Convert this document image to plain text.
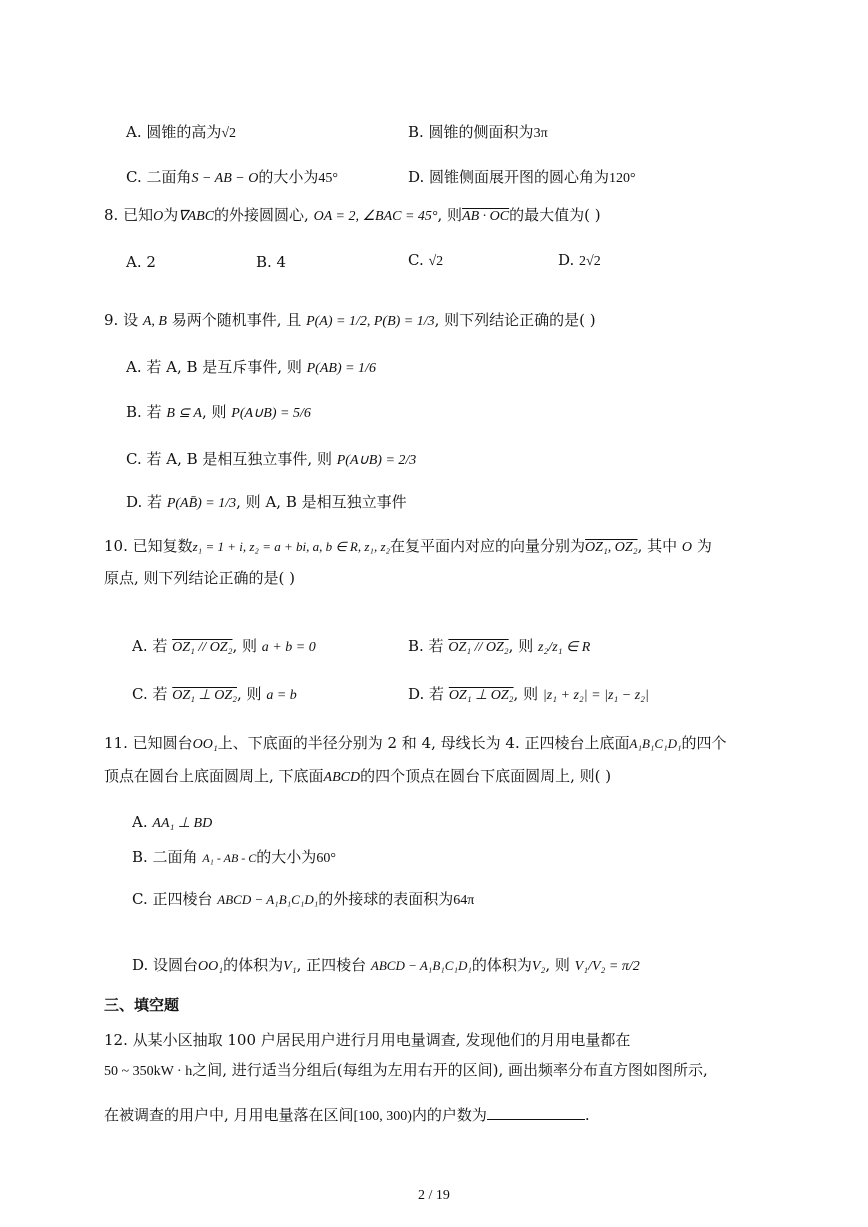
A. 圆锥的高为√2	B. 圆锥的侧面积为3π
C. 二面角S − AB − O的大小为45°	D. 圆锥侧面展开图的圆心角为120°
8. 已知O为∇ABC的外接圆圆心, OA = 2, ∠BAC = 45°, 则AB · OC的最大值为( )
A. 2	B. 4	C. √2	D. 2√2
9. 设 A, B 易两个随机事件, 且 P(A) = 1/2, P(B) = 1/3, 则下列结论正确的是( )
A. 若 A, B 是互斥事件, 则 P(AB) = 1/6
B. 若 B ⊆ A, 则 P(A∪B) = 5/6
C. 若 A, B 是相互独立事件, 则 P(A∪B) = 2/3
D. 若 P(AB̄) = 1/3, 则 A, B 是相互独立事件
10. 已知复数z₁ = 1 + i, z₂ = a + bi, a, b ∈ R, z₁, z₂在复平面内对应的向量分别为OZ₁, OZ₂, 其中 O 为
原点, 则下列结论正确的是( )
A. 若 OZ₁ // OZ₂, 则 a + b = 0	B. 若 OZ₁ // OZ₂, 则 z₂/z₁ ∈ R
C. 若 OZ₁ ⊥ OZ₂, 则 a = b	D. 若 OZ₁ ⊥ OZ₂, 则 |z₁ + z₂| = |z₁ − z₂|
11. 已知圆台OO₁上、下底面的半径分别为 2 和 4, 母线长为 4. 正四棱台上底面A₁B₁C₁D₁的四个
顶点在圆台上底面圆周上, 下底面ABCD的四个顶点在圆台下底面圆周上, 则( )
A. AA₁ ⊥ BD
B. 二面角 A₁ - AB - C的大小为60°
C. 正四棱台 ABCD − A₁B₁C₁D₁的外接球的表面积为64π
D. 设圆台OO₁的体积为V₁, 正四棱台 ABCD − A₁B₁C₁D₁的体积为V₂, 则 V₁/V₂ = π/2
三、填空题
12. 从某小区抽取 100 户居民用户进行月用电量调查, 发现他们的月用电量都在
50 ~ 350kW · h之间, 进行适当分组后(每组为左用右开的区间), 画出频率分布直方图如图所示,
在被调查的用户中, 月用电量落在区间[100, 300)内的户数为	.
2 / 19
